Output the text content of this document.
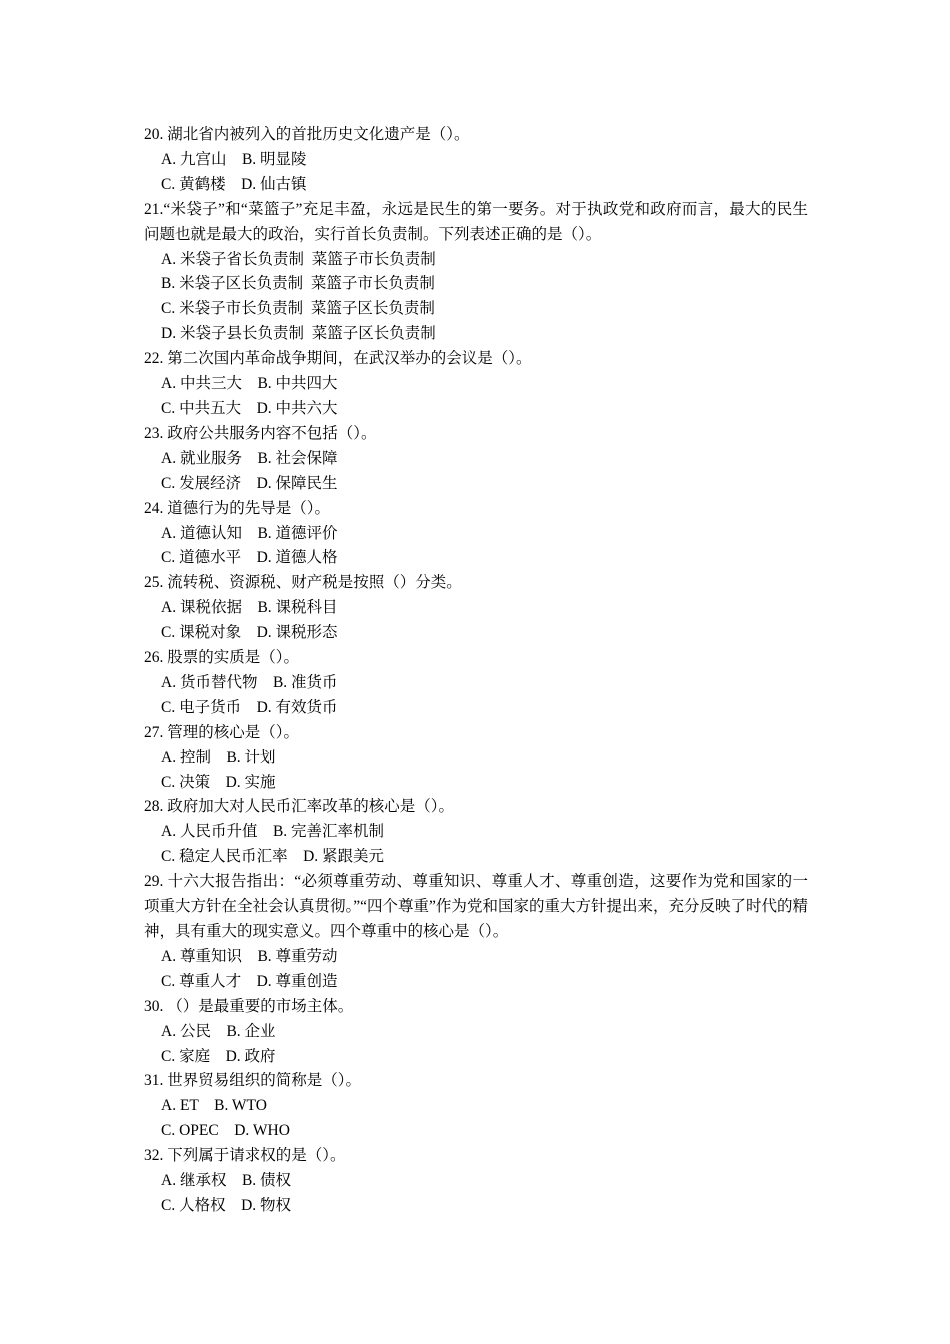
20. 湖北省内被列入的首批历史文化遗产是（）。

A. 九宫山    B. 明显陵

C. 黄鹤楼    D. 仙古镇

21.“米袋子”和“菜篮子”充足丰盈，永远是民生的第一要务。对于执政党和政府而言，最大的民生问题也就是最大的政治，实行首长负责制。下列表述正确的是（）。

A. 米袋子省长负责制  菜篮子市长负责制

B. 米袋子区长负责制  菜篮子市长负责制

C. 米袋子市长负责制  菜篮子区长负责制

D. 米袋子县长负责制  菜篮子区长负责制

22. 第二次国内革命战争期间，在武汉举办的会议是（）。

A. 中共三大    B. 中共四大

C. 中共五大    D. 中共六大

23. 政府公共服务内容不包括（）。

A. 就业服务    B. 社会保障

C. 发展经济    D. 保障民生

24. 道德行为的先导是（）。

A. 道德认知    B. 道德评价

C. 道德水平    D. 道德人格

25. 流转税、资源税、财产税是按照（）分类。

A. 课税依据    B. 课税科目

C. 课税对象    D. 课税形态

26. 股票的实质是（）。

A. 货币替代物    B. 准货币

C. 电子货币    D. 有效货币

27. 管理的核心是（）。

A. 控制    B. 计划

C. 决策    D. 实施

28. 政府加大对人民币汇率改革的核心是（）。

A. 人民币升值    B. 完善汇率机制

C. 稳定人民币汇率    D. 紧跟美元

29. 十六大报告指出：“必须尊重劳动、尊重知识、尊重人才、尊重创造，这要作为党和国家的一项重大方针在全社会认真贯彻。”“四个尊重”作为党和国家的重大方针提出来，充分反映了时代的精神，具有重大的现实意义。四个尊重中的核心是（）。

A. 尊重知识    B. 尊重劳动

C. 尊重人才    D. 尊重创造

30. （）是最重要的市场主体。

A. 公民    B. 企业

C. 家庭    D. 政府

31. 世界贸易组织的简称是（）。

A. ET    B. WTO

C. OPEC    D. WHO

32. 下列属于请求权的是（）。

A. 继承权    B. 债权

C. 人格权    D. 物权
